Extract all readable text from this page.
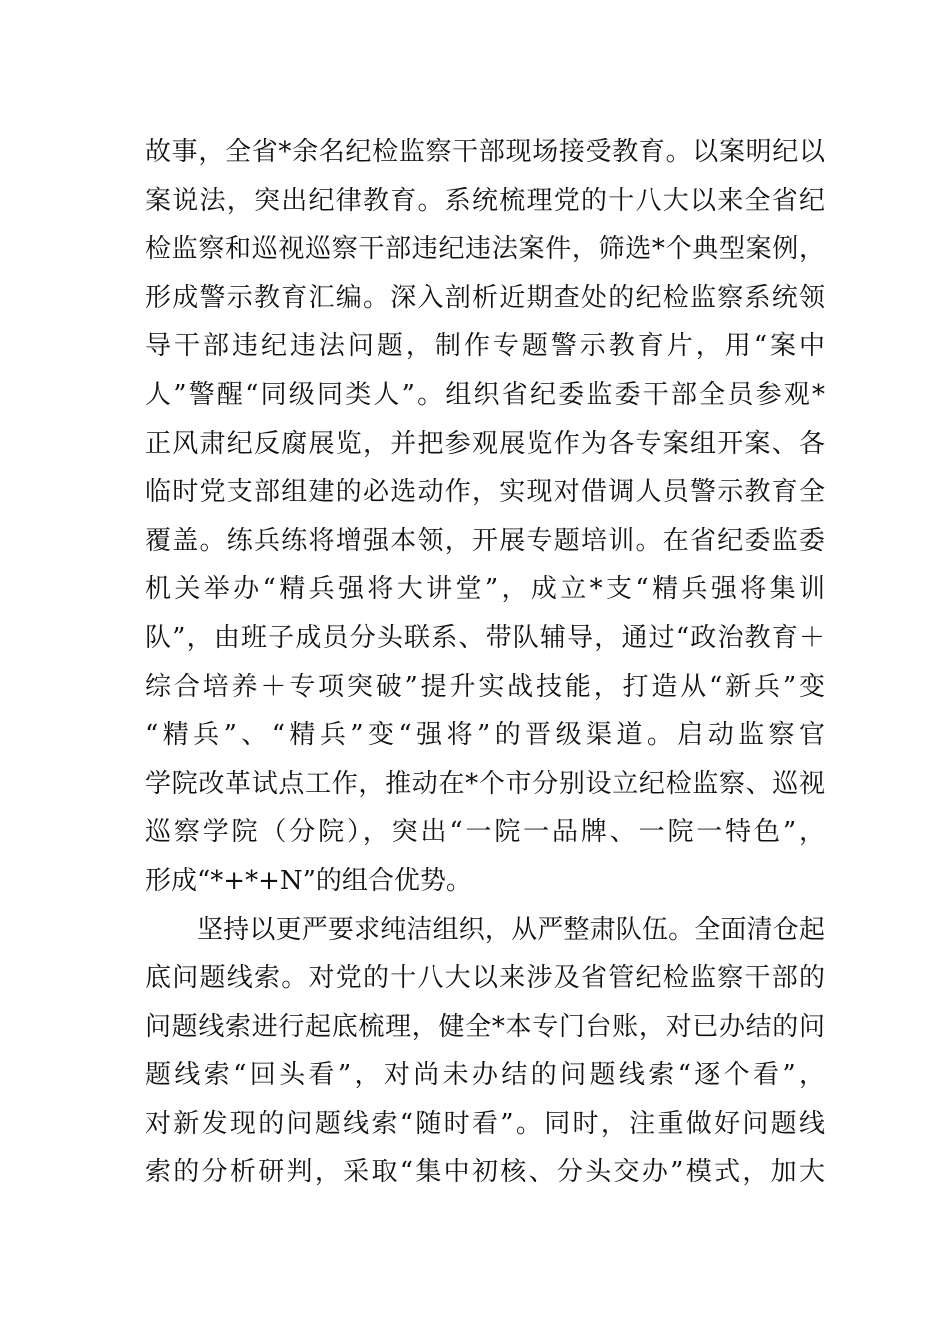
故事，全省*余名纪检监察干部现场接受教育。以案明纪以
案说法，突出纪律教育。系统梳理党的十八大以来全省纪
检监察和巡视巡察干部违纪违法案件，筛选*个典型案例，
形成警示教育汇编。深入剖析近期查处的纪检监察系统领
导干部违纪违法问题，制作专题警示教育片，用“案中
人”警醒“同级同类人”。组织省纪委监委干部全员参观*
正风肃纪反腐展览，并把参观展览作为各专案组开案、各
临时党支部组建的必选动作，实现对借调人员警示教育全
覆盖。练兵练将增强本领，开展专题培训。在省纪委监委
机关举办“精兵强将大讲堂”，成立*支“精兵强将集训
队”，由班子成员分头联系、带队辅导，通过“政治教育＋
综合培养＋专项突破”提升实战技能，打造从“新兵”变
“精兵”、“精兵”变“强将”的晋级渠道。启动监察官
学院改革试点工作，推动在*个市分别设立纪检监察、巡视
巡察学院（分院），突出“一院一品牌、一院一特色”，
形成“*+*+N”的组合优势。
坚持以更严要求纯洁组织，从严整肃队伍。全面清仓起
底问题线索。对党的十八大以来涉及省管纪检监察干部的
问题线索进行起底梳理，健全*本专门台账，对已办结的问
题线索“回头看”，对尚未办结的问题线索“逐个看”，
对新发现的问题线索“随时看”。同时，注重做好问题线
索的分析研判，采取“集中初核、分头交办”模式，加大
